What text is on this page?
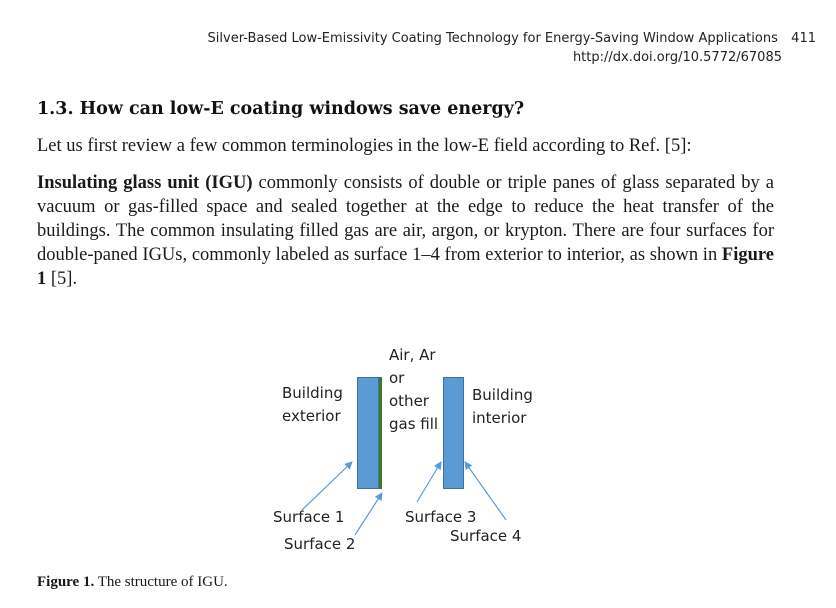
Silver-Based Low-Emissivity Coating Technology for Energy-Saving Window Applications 411
http://dx.doi.org/10.5772/67085
1.3. How can low-E coating windows save energy?

Let us first review a few common terminologies in the low-E field according to Ref. [5]:

Insulating glass unit (IGU) commonly consists of double or triple panes of glass separated by a vacuum or gas-filled space and sealed together at the edge to reduce the heat transfer of the buildings. The common insulating filled gas are air, argon, or krypton. There are four surfaces for double-paned IGUs, commonly labeled as surface 1–4 from exterior to interior, as shown in Figure 1 [5].

Air, Ar
or
other
gas fill
Building
exterior
Building
interior
Surface 1
Surface 2
Surface 3
Surface 4

Figure 1. The structure of IGU.
